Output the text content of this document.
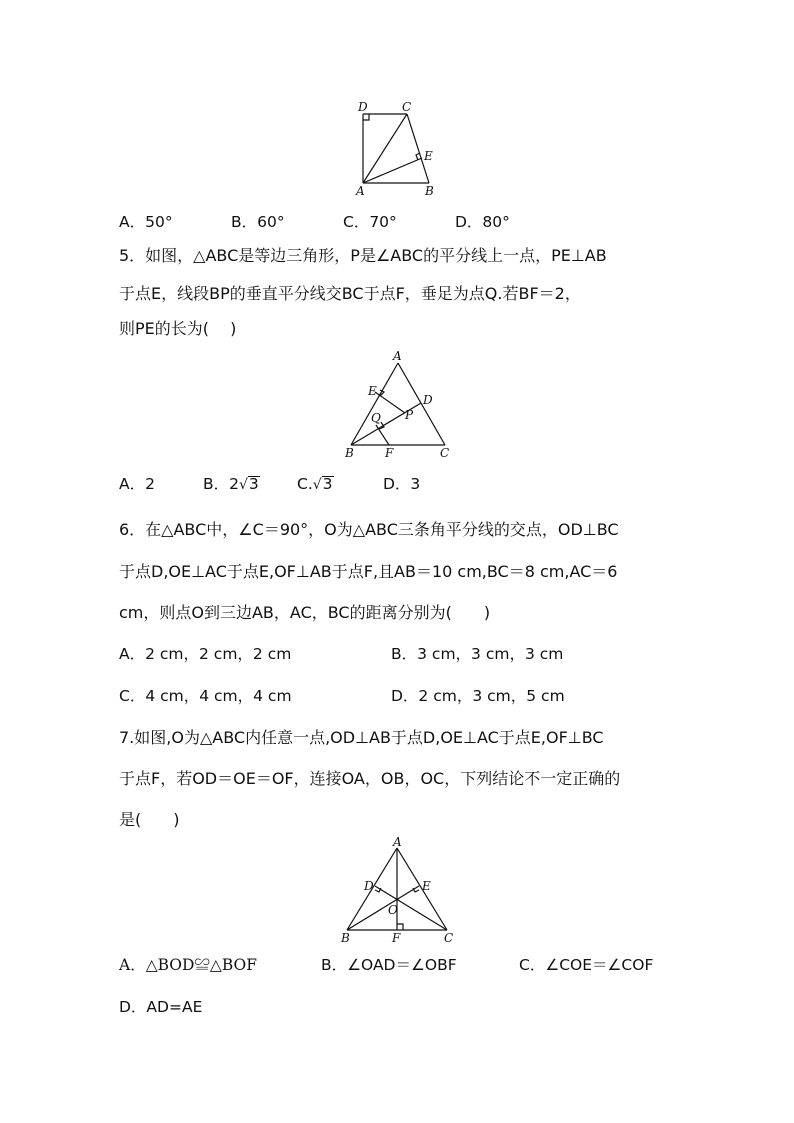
D	C
E
A	B
A．50°	B．60°	C．70°	D．80°
5．如图，△ABC是等边三角形，P是∠ABC的平分线上一点，PE⊥AB
于点E，线段BP的垂直平分线交BC于点F，垂足为点Q.若BF＝2，
则PE的长为(　 )
A
E
D
Q P
B	F	C
A．2	B．2√3 C.√3	D．3
6．在△ABC中，∠C＝90°，O为△ABC三条角平分线的交点，OD⊥BC
于点D,OE⊥AC于点E,OF⊥AB于点F,且AB＝10 cm,BC＝8 cm,AC＝6
cm，则点O到三边AB，AC，BC的距离分别为(　　)
A．2 cm，2 cm，2 cm	B．3 cm，3 cm，3 cm
C．4 cm，4 cm，4 cm	D．2 cm，3 cm，5 cm
7.如图,O为△ABC内任意一点,OD⊥AB于点D,OE⊥AC于点E,OF⊥BC
于点F，若OD＝OE＝OF，连接OA，OB，OC，下列结论不一定正确的
是(　　)
A
D	E
O
B	F	C
A．△BOD≌△BOF	B．∠OAD＝∠OBF	C．∠COE＝∠COF
D．AD=AE
